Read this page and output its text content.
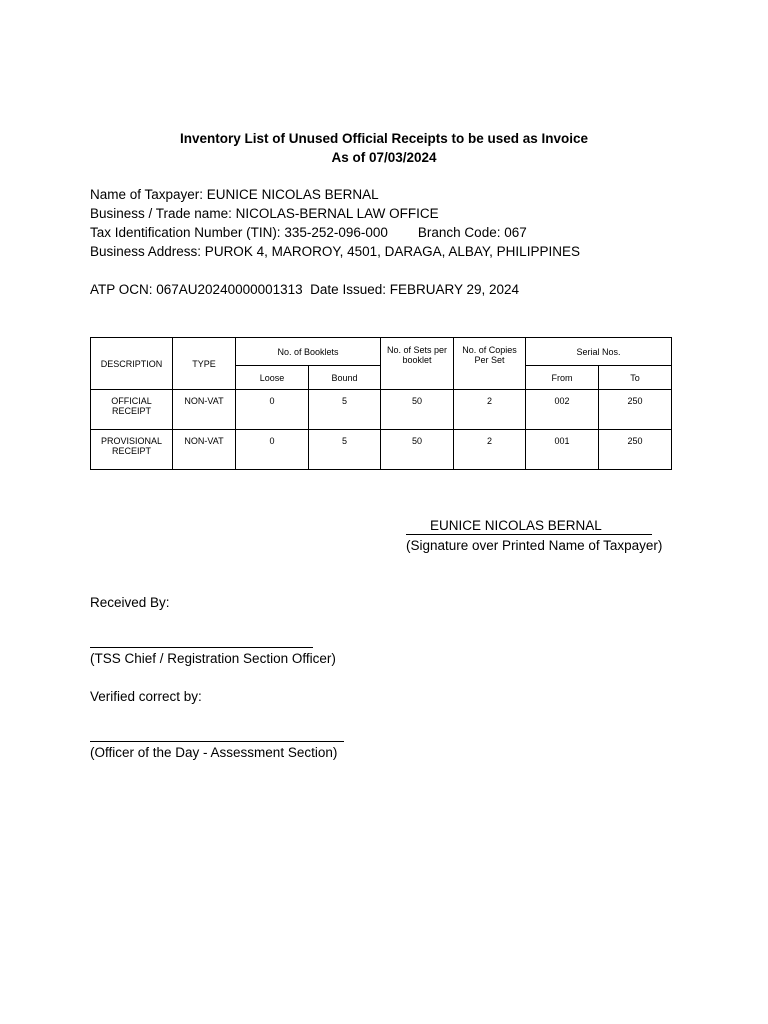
Inventory List of Unused Official Receipts to be used as Invoice
As of 07/03/2024
Name of Taxpayer: EUNICE NICOLAS BERNAL
Business / Trade name: NICOLAS-BERNAL LAW OFFICE
Tax Identification Number (TIN): 335-252-096-000 Branch Code: 067
Business Address: PUROK 4, MAROROY, 4501, DARAGA, ALBAY, PHILIPPINES
ATP OCN: 067AU20240000001313 Date Issued: FEBRUARY 29, 2024
DESCRIPTION	TYPE	No. of Booklets		No. of Sets per booklet	No. of Copies Per Set	Serial Nos.	
		Loose	Bound			From	To
OFFICIAL RECEIPT	NON-VAT	0	5	50	2	002	250
PROVISIONAL RECEIPT	NON-VAT	0	5	50	2	001	250
EUNICE NICOLAS BERNAL
(Signature over Printed Name of Taxpayer)
Received By:
(TSS Chief / Registration Section Officer)
Verified correct by:
(Officer of the Day - Assessment Section)
